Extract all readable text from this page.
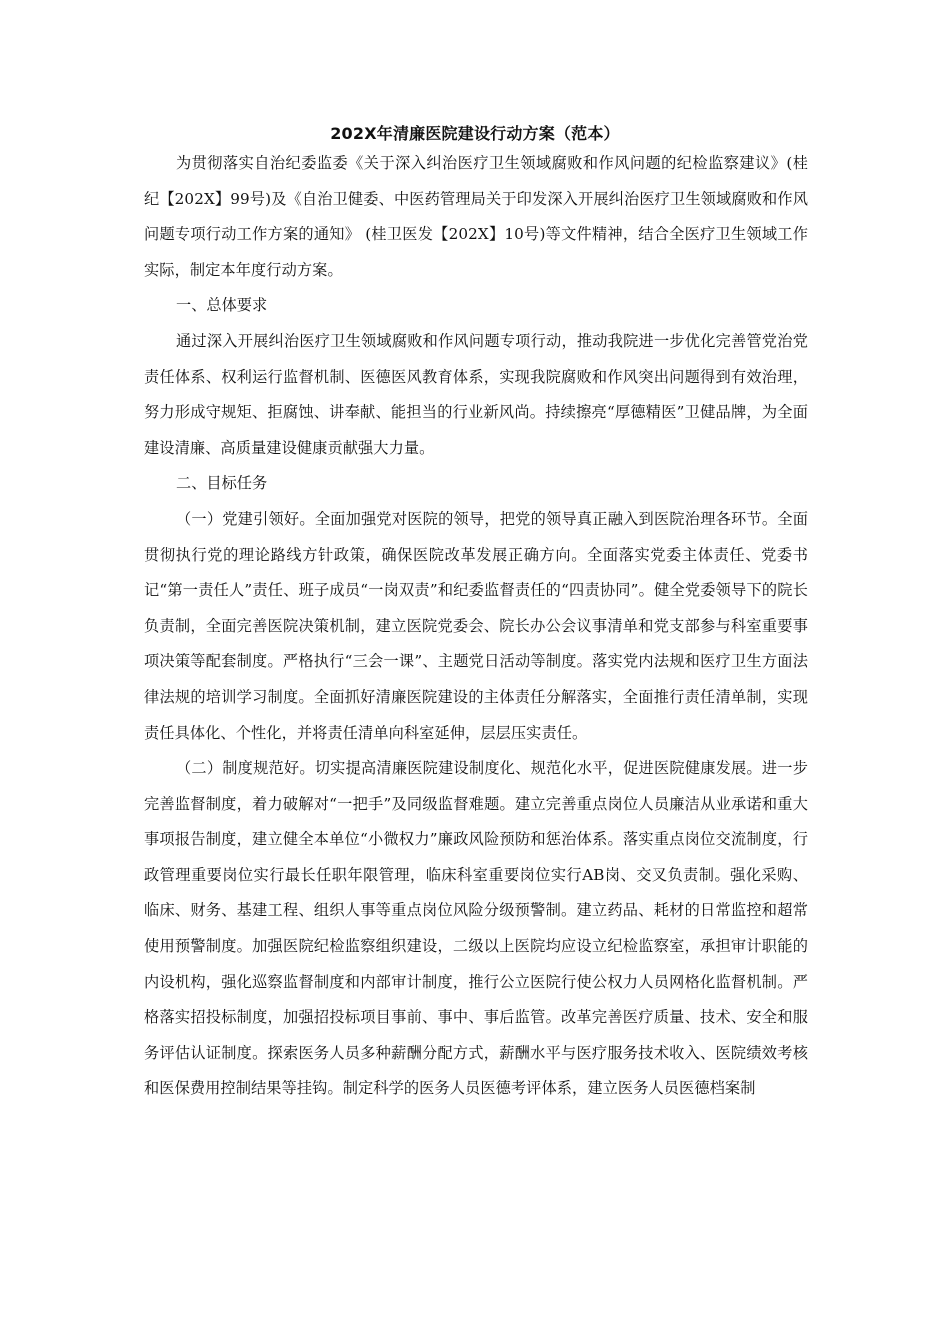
202X年清廉医院建设行动方案（范本）

为贯彻落实自治纪委监委《关于深入纠治医疗卫生领域腐败和作风问题的纪检监察建议》(桂纪【202X】99号)及《自治卫健委、中医药管理局关于印发深入开展纠治医疗卫生领域腐败和作风问题专项行动工作方案的通知》 (桂卫医发【202X】10号)等文件精神，结合全医疗卫生领域工作实际，制定本年度行动方案。

一、总体要求

通过深入开展纠治医疗卫生领域腐败和作风问题专项行动，推动我院进一步优化完善管党治党责任体系、权利运行监督机制、医德医风教育体系，实现我院腐败和作风突出问题得到有效治理，努力形成守规矩、拒腐蚀、讲奉献、能担当的行业新风尚。持续擦亮“厚德精医”卫健品牌，为全面建设清廉、高质量建设健康贡献强大力量。

二、目标任务

（一）党建引领好。全面加强党对医院的领导，把党的领导真正融入到医院治理各环节。全面贯彻执行党的理论路线方针政策，确保医院改革发展正确方向。全面落实党委主体责任、党委书记“第一责任人”责任、班子成员“一岗双责”和纪委监督责任的“四责协同”。健全党委领导下的院长负责制，全面完善医院决策机制，建立医院党委会、院长办公会议事清单和党支部参与科室重要事项决策等配套制度。严格执行“三会一课”、主题党日活动等制度。落实党内法规和医疗卫生方面法律法规的培训学习制度。全面抓好清廉医院建设的主体责任分解落实，全面推行责任清单制，实现责任具体化、个性化，并将责任清单向科室延伸，层层压实责任。

（二）制度规范好。切实提高清廉医院建设制度化、规范化水平，促进医院健康发展。进一步完善监督制度，着力破解对“一把手”及同级监督难题。建立完善重点岗位人员廉洁从业承诺和重大事项报告制度，建立健全本单位“小微权力”廉政风险预防和惩治体系。落实重点岗位交流制度，行政管理重要岗位实行最长任职年限管理，临床科室重要岗位实行AB岗、交叉负责制。强化采购、临床、财务、基建工程、组织人事等重点岗位风险分级预警制。建立药品、耗材的日常监控和超常使用预警制度。加强医院纪检监察组织建设，二级以上医院均应设立纪检监察室，承担审计职能的内设机构，强化巡察监督制度和内部审计制度，推行公立医院行使公权力人员网格化监督机制。严格落实招投标制度，加强招投标项目事前、事中、事后监管。改革完善医疗质量、技术、安全和服务评估认证制度。探索医务人员多种薪酬分配方式，薪酬水平与医疗服务技术收入、医院绩效考核和医保费用控制结果等挂钩。制定科学的医务人员医德考评体系，建立医务人员医德档案制
